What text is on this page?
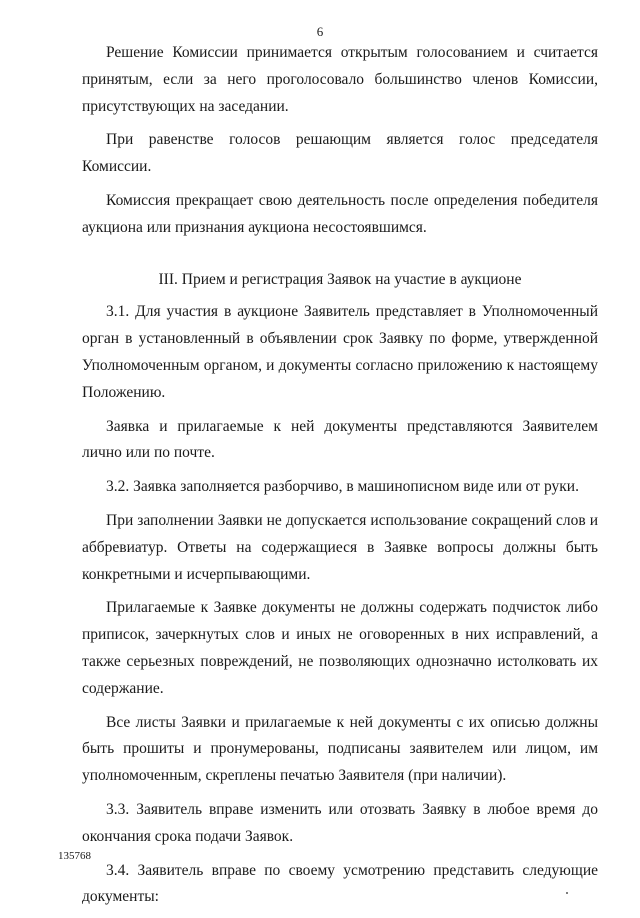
6

Решение Комиссии принимается открытым голосованием и считается принятым, если за него проголосовало большинство членов Комиссии, присутствующих на заседании.

При равенстве голосов решающим является голос председателя Комиссии.

Комиссия прекращает свою деятельность после определения победителя аукциона или признания аукциона несостоявшимся.

III. Прием и регистрация Заявок на участие в аукционе

3.1. Для участия в аукционе Заявитель представляет в Уполномоченный орган в установленный в объявлении срок Заявку по форме, утвержденной Уполномоченным органом, и документы согласно приложению к настоящему Положению.

Заявка и прилагаемые к ней документы представляются Заявителем лично или по почте.

3.2. Заявка заполняется разборчиво, в машинописном виде или от руки.

При заполнении Заявки не допускается использование сокращений слов и аббревиатур. Ответы на содержащиеся в Заявке вопросы должны быть конкретными и исчерпывающими.

Прилагаемые к Заявке документы не должны содержать подчисток либо приписок, зачеркнутых слов и иных не оговоренных в них исправлений, а также серьезных повреждений, не позволяющих однозначно истолковать их содержание.

Все листы Заявки и прилагаемые к ней документы с их описью должны быть прошиты и пронумерованы, подписаны заявителем или лицом, им уполномоченным, скреплены печатью Заявителя (при наличии).

3.3. Заявитель вправе изменить или отозвать Заявку в любое время до окончания срока подачи Заявок.

3.4. Заявитель вправе по своему усмотрению представить следующие документы:

135768
